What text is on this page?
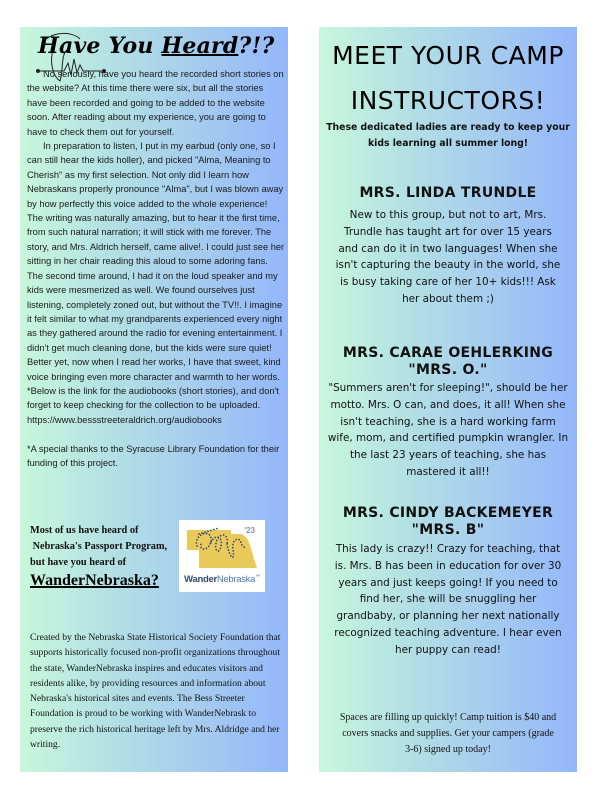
Have You Heard?!?

No seriously, have you heard the recorded short stories on the website? At this time there were six, but all the stories have been recorded and going to be added to the website soon. After reading about my experience, you are going to have to check them out for yourself.

In preparation to listen, I put in my earbud (only one, so I can still hear the kids holler), and picked "Alma, Meaning to Cherish" as my first selection. Not only did I learn how Nebraskans properly pronounce "Alma", but I was blown away by how perfectly this voice added to the whole experience! The writing was naturally amazing, but to hear it the first time, from such natural narration; it will stick with me forever. The story, and Mrs. Aldrich herself, came alive!. I could just see her sitting in her chair reading this aloud to some adoring fans. The second time around, I had it on the loud speaker and my kids were mesmerized as well. We found ourselves just listening, completely zoned out, but without the TV!!. I imagine it felt similar to what my grandparents experienced every night as they gathered around the radio for evening entertainment. I didn't get much cleaning done, but the kids were sure quiet! Better yet, now when I read her works, I have that sweet, kind voice bringing even more character and warmth to her words.

*Below is the link for the audiobooks (short stories), and don't forget to keep checking for the collection to be uploaded.

https://www.bessstreeteraldrich.org/audiobooks

*A special thanks to the Syracuse Library Foundation for their funding of this project.

Most of us have heard of
Nebraska's Passport Program,
but have you heard of
WanderNebraska?
'23
WanderNebraska™
Created by the Nebraska State Historical Society Foundation that supports historically focused non-profit organizations throughout the state, WanderNebraska inspires and educates visitors and residents alike, by providing resources and information about Nebraska's historical sites and events. The Bess Streeter Foundation is proud to be working with WanderNebrask to preserve the rich historical heritage left by Mrs. Aldridge and her writing.
MEET YOUR CAMP
INSTRUCTORS!
These dedicated ladies are ready to keep your kids learning all summer long!
MRS. LINDA TRUNDLE
New to this group, but not to art, Mrs. Trundle has taught art for over 15 years and can do it in two languages! When she isn't capturing the beauty in the world, she is busy taking care of her 10+ kids!!! Ask her about them ;)
MRS. CARAE OEHLERKING
"MRS. O."
"Summers aren't for sleeping!", should be her motto. Mrs. O can, and does, it all! When she isn't teaching, she is a hard working farm wife, mom, and certified pumpkin wrangler. In the last 23 years of teaching, she has mastered it all!!
MRS. CINDY BACKEMEYER
"MRS. B"
This lady is crazy!! Crazy for teaching, that is. Mrs. B has been in education for over 30 years and just keeps going! If you need to find her, she will be snuggling her grandbaby, or planning her next nationally recognized teaching adventure. I hear even her puppy can read!
Spaces are filling up quickly! Camp tuition is $40 and covers snacks and supplies. Get your campers (grade 3-6) signed up today!
